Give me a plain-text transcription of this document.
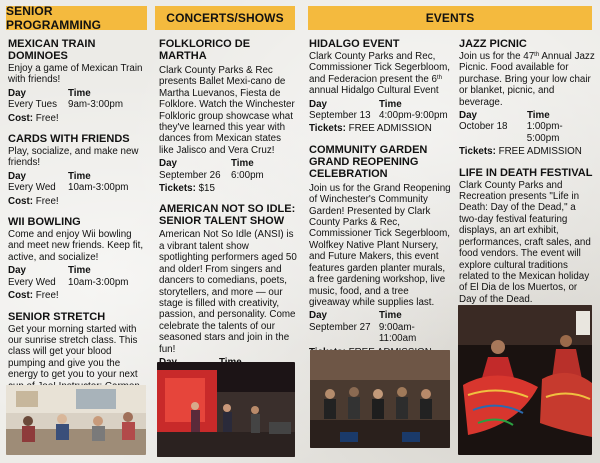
SENIOR PROGRAMMING	CONCERTS/SHOWS	EVENTS
MEXICAN TRAIN DOMINOES
Enjoy a game of Mexican Train with friends!
Day	Time
Every Tues	9am-3:00pm
Cost: Free!
CARDS WITH FRIENDS
Play, socialize, and make new friends!
Day	Time
Every Wed	10am-3:00pm
Cost: Free!
WII BOWLING
Come and enjoy Wii bowling and meet new friends. Keep fit, active, and socialize!
Day	Time
Every Wed	10am-3:00pm
Cost: Free!
SENIOR STRETCH
Get your morning started with our sunrise stretch class. This class will get your blood pumping and give you the energy to get you to your next
FOLKLORICO DE MARTHA
Clark County Parks & Rec presents Ballet Mexi-cano de Martha Luevanos, Fiesta de Folklore. Watch the Winchester Folkloric group showcase what they've learned this year with dances from Mexican states like Jalisco and Vera Cruz!
Day	Time
September 26	6:00pm
Tickets: $15
AMERICAN NOT SO IDLE: SENIOR TALENT SHOW
American Not So Idle (ANSI) is a vibrant talent show spotlighting performers aged 50 and older! From singers and dancers to comedians, poets, storytellers, and more — our stage is filled with creativity, passion, and personality. Come celebrate the talents of our seasoned stars and join in the fun!
HIDALGO EVENT
Clark County Parks and Rec, Commissioner Tick Segerbloom, and Federacion present the 6th annual Hidalgo Cultural Event
Day	Time
September 13 4:00pm-9:00pm
Tickets: FREE ADMISSION
COMMUNITY GARDEN GRAND REOPENING CELEBRATION
Join us for the Grand Reopening of Winchester's Community Garden! Presented by Clark County Parks & Rec, Commissioner Tick Segerbloom, Wolfkey Native Plant Nursery, and Future Makers, this event features garden planter murals, a free gardening workshop, live music, food, and a tree giveaway while supplies last.
Day	Time
September 27 9:00am-11:00am
JAZZ PICNIC
Join us for the 47th Annual Jazz Picnic. Food available for purchase. Bring your low chair or blanket, picnic, and beverage.
Day	Time
October 18	1:00pm-5:00pm
Tickets: FREE ADMISSION
LIFE IN DEATH FESTIVAL
Clark County Parks and Recreation presents "Life in Death: Day of the Dead," a two-day festival featuring displays, an art exhibit, performances, craft sales, and food vendors. The event will explore cultural traditions related to the Mexican holiday of El Dia de los Muertos, or Day of the Dead.
